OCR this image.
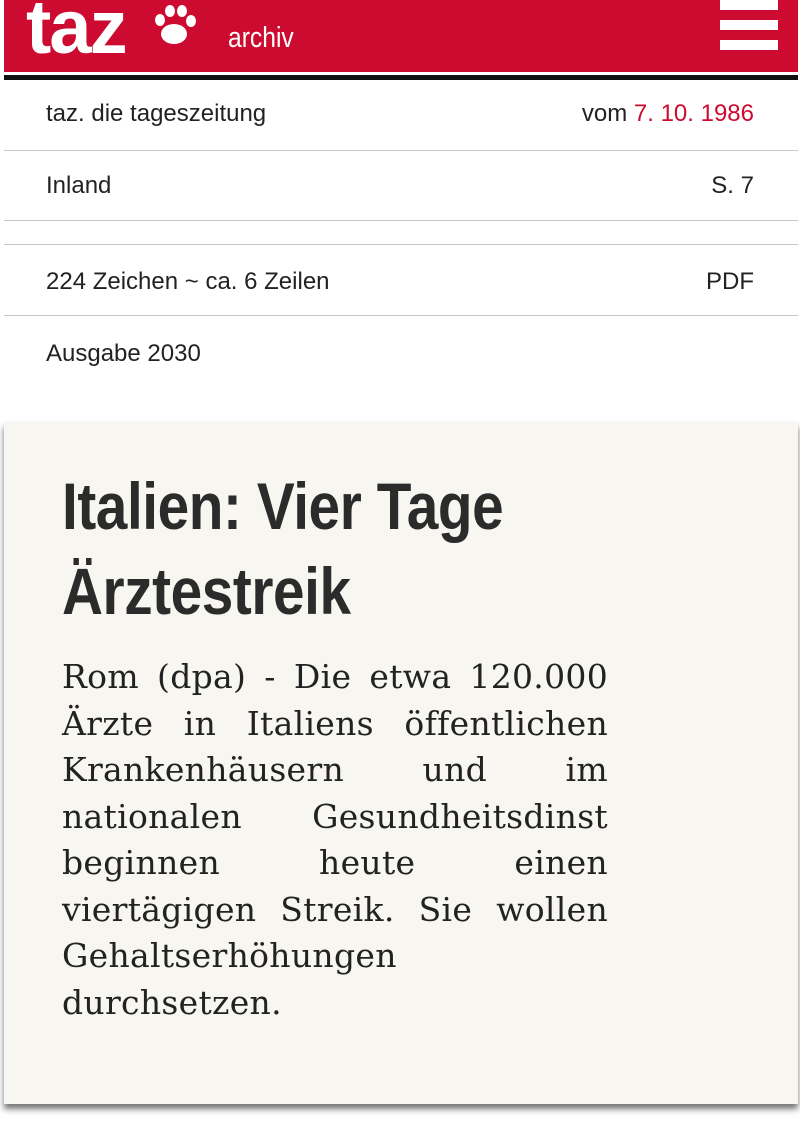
taz	archiv
taz. die tageszeitung	vom 7. 10. 1986
Inland	S. 7
224 Zeichen ~ ca. 6 Zeilen	PDF
Ausgabe 2030
Italien: Vier Tage Ärztestreik

Rom (dpa) - Die etwa 120.000 Ärzte in Italiens öffentlichen Krankenhäusern und im nationalen Gesundheitsdinst beginnen heute einen viertägigen Streik. Sie wollen Gehaltserhöhungen durchsetzen.
